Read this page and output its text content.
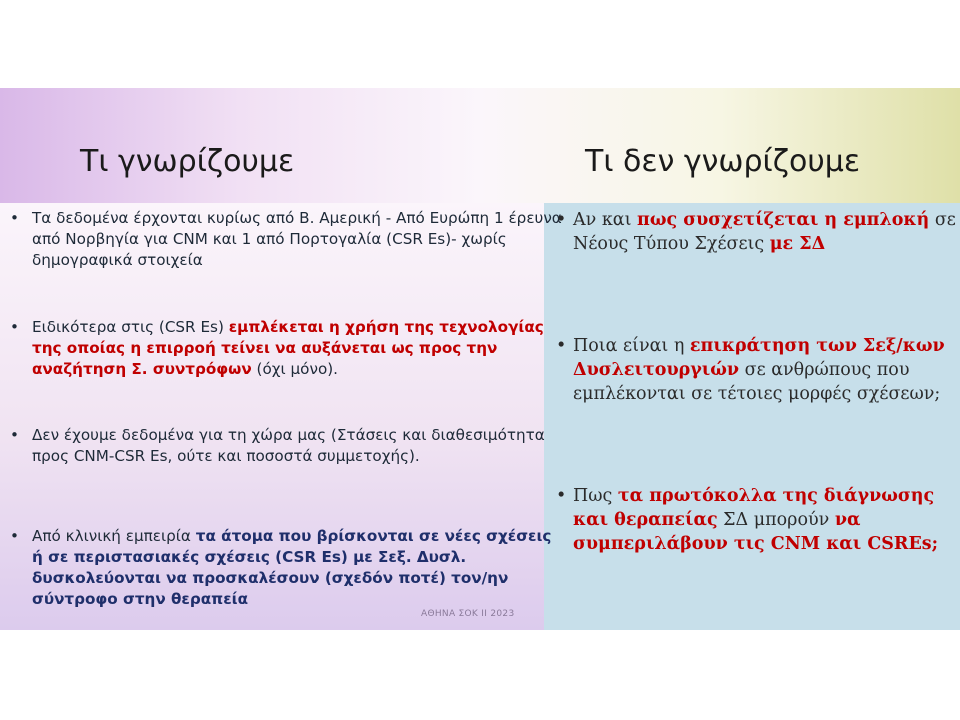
Τι γνωρίζουμε	Τι δεν γνωρίζουμε
• Τα δεδομένα έρχονται κυρίως από Β. Αμερική - Από Ευρώπη 1 έρευνα από Νορβηγία για CNM και 1 από Πορτογαλία (CSR Es)- χωρίς δημογραφικά στοιχεία
• Ειδικότερα στις (CSR Es) εμπλέκεται η χρήση της τεχνολογίας της οποίας η επιρροή τείνει να αυξάνεται ως προς την αναζήτηση Σ. συντρόφων (όχι μόνο).
• Δεν έχουμε δεδομένα για τη χώρα μας (Στάσεις και διαθεσιμότητα προς CNM-CSR Es, ούτε και ποσοστά συμμετοχής).
• Από κλινική εμπειρία τα άτομα που βρίσκονται σε νέες σχέσεις ή σε περιστασιακές σχέσεις (CSR Es) με Σεξ. Δυσλ. δυσκολεύονται να προσκαλέσουν (σχεδόν ποτέ) τον/ην σύντροφο στην θεραπεία
• Αν και πως συσχετίζεται η εμπλοκή σε Νέους Τύπου Σχέσεις με ΣΔ
• Ποια είναι η επικράτηση των Σεξ/κων Δυσλειτουργιών σε ανθρώπους που εμπλέκονται σε τέτοιες μορφές σχέσεων;
• Πως τα πρωτόκολλα της διάγνωσης και θεραπείας ΣΔ μπορούν να συμπεριλάβουν τις CNM και CSREs;
ΑΘΗΝΑ ΣΟΚ ΙΙ 2023
